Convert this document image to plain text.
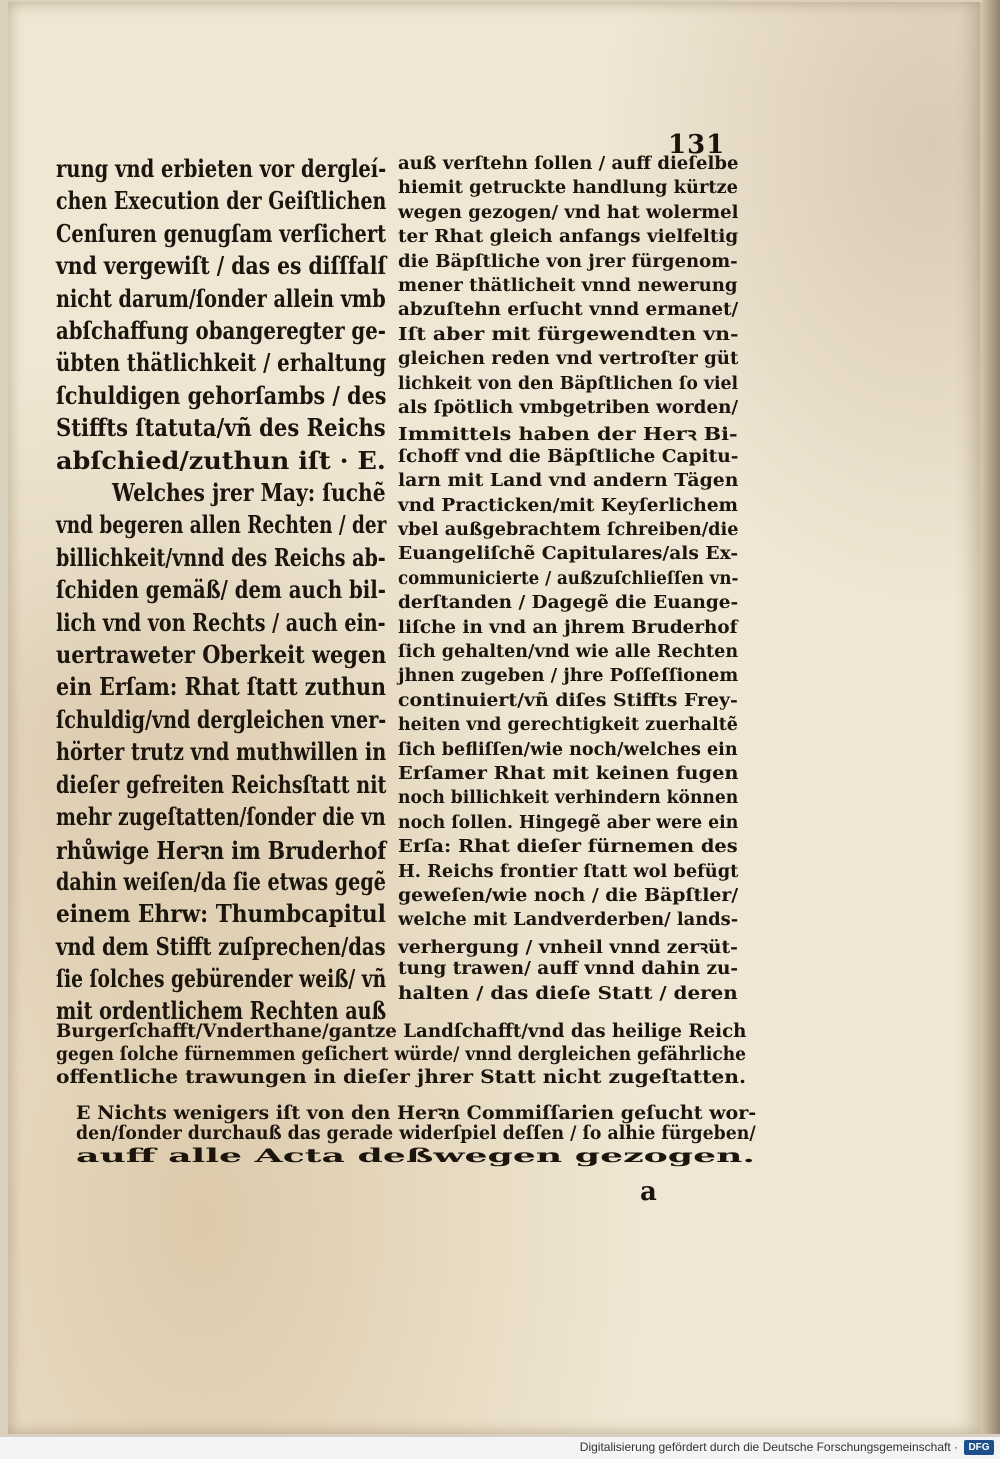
131
rung vnd erbieten vor dergleí-
chen Execution der Geiſtlichen
Cenſuren genugſam verſichert
vnd vergewiſt / das es diſſfalſ
nicht darum/ſonder allein vmb
abſchaffung obangeregter ge-
übten thätlichkeit / erhaltung
ſchuldigen gehorſambs / des
Stiffts ſtatuta/vñ des Reichs
abſchied/zuthun iſt · E.
Welches jrer May: ſuchẽ
vnd begeren allen Rechten / der
billichkeit/vnnd des Reichs ab-
ſchiden gemäß/ dem auch bil-
lich vnd von Rechts / auch ein-
uertraweter Oberkeit wegen
ein Erſam: Rhat ſtatt zuthun
ſchuldig/vnd dergleichen vner-
hörter trutz vnd muthwillen in
dieſer gefreiten Reichsſtatt nit
mehr zugeſtatten/ſonder die vn
rhůwige Herꝛn im Bruderhof
dahin weiſen/da ſie etwas gegẽ
einem Ehrw: Thumbcapitul
vnd dem Stifft zuſprechen/das
ſie ſolches gebürender weiß/ vñ
mit ordentlichem Rechten auß
auß verſtehn ſollen / auff dieſelbe
hiemit getruckte handlung kürtze
wegen gezogen/ vnd hat wolermel
ter Rhat gleich anfangs vielfeltig
die Bäpſtliche von jrer fürgenom-
mener thätlicheit vnnd newerung
abzuſtehn erſucht vnnd ermanet/
Iſt aber mit fürgewendten vn-
gleichen reden vnd vertroſter güt
lichkeit von den Bäpſtlichen ſo viel
als ſpötlich vmbgetriben worden/
Immittels haben der Herꝛ Bi-
ſchoff vnd die Bäpſtliche Capitu-
larn mit Land vnd andern Tägen
vnd Practicken/mit Keyſerlichem
vbel außgebrachtem ſchreiben/die
Euangeliſchẽ Capitulares/als Ex-
communicierte / außzuſchlieſſen vn-
derſtanden / Dagegẽ die Euange-
liſche in vnd an jhrem Bruderhof
ſich gehalten/vnd wie alle Rechten
jhnen zugeben / jhre Poſſeſſionem
continuiert/vñ diſes Stiffts Frey-
heiten vnd gerechtigkeit zuerhaltẽ
ſich befliſſen/wie noch/welches ein
Erſamer Rhat mit keinen fugen
noch billichkeit verhindern können
noch ſollen. Hingegẽ aber were ein
Erſa: Rhat dieſer fürnemen des
H. Reichs frontier ſtatt wol befügt
geweſen/wie noch / die Bäpſtler/
welche mit Landverderben/ lands-
verhergung / vnheil vnnd zerꝛüt-
tung trawen/ auff vnnd dahin zu-
halten / das dieſe Statt / deren
Burgerſchafft/Vnderthane/gantze Landſchafft/vnd das heilige Reich
gegen ſolche fürnemmen geſichert würde/ vnnd dergleichen gefährliche
offentliche trawungen in dieſer jhrer Statt nicht zugeſtatten.
E Nichts wenigers iſt von den Herꝛn Commiſſarien geſucht wor-
den/ſonder durchauß das gerade widerſpiel deſſen / ſo alhie fürgeben/
auff alle Acta deßwegen gezogen.
a
Digitalisierung gefördert durch die Deutsche Forschungsgemeinschaft ·	DFG
